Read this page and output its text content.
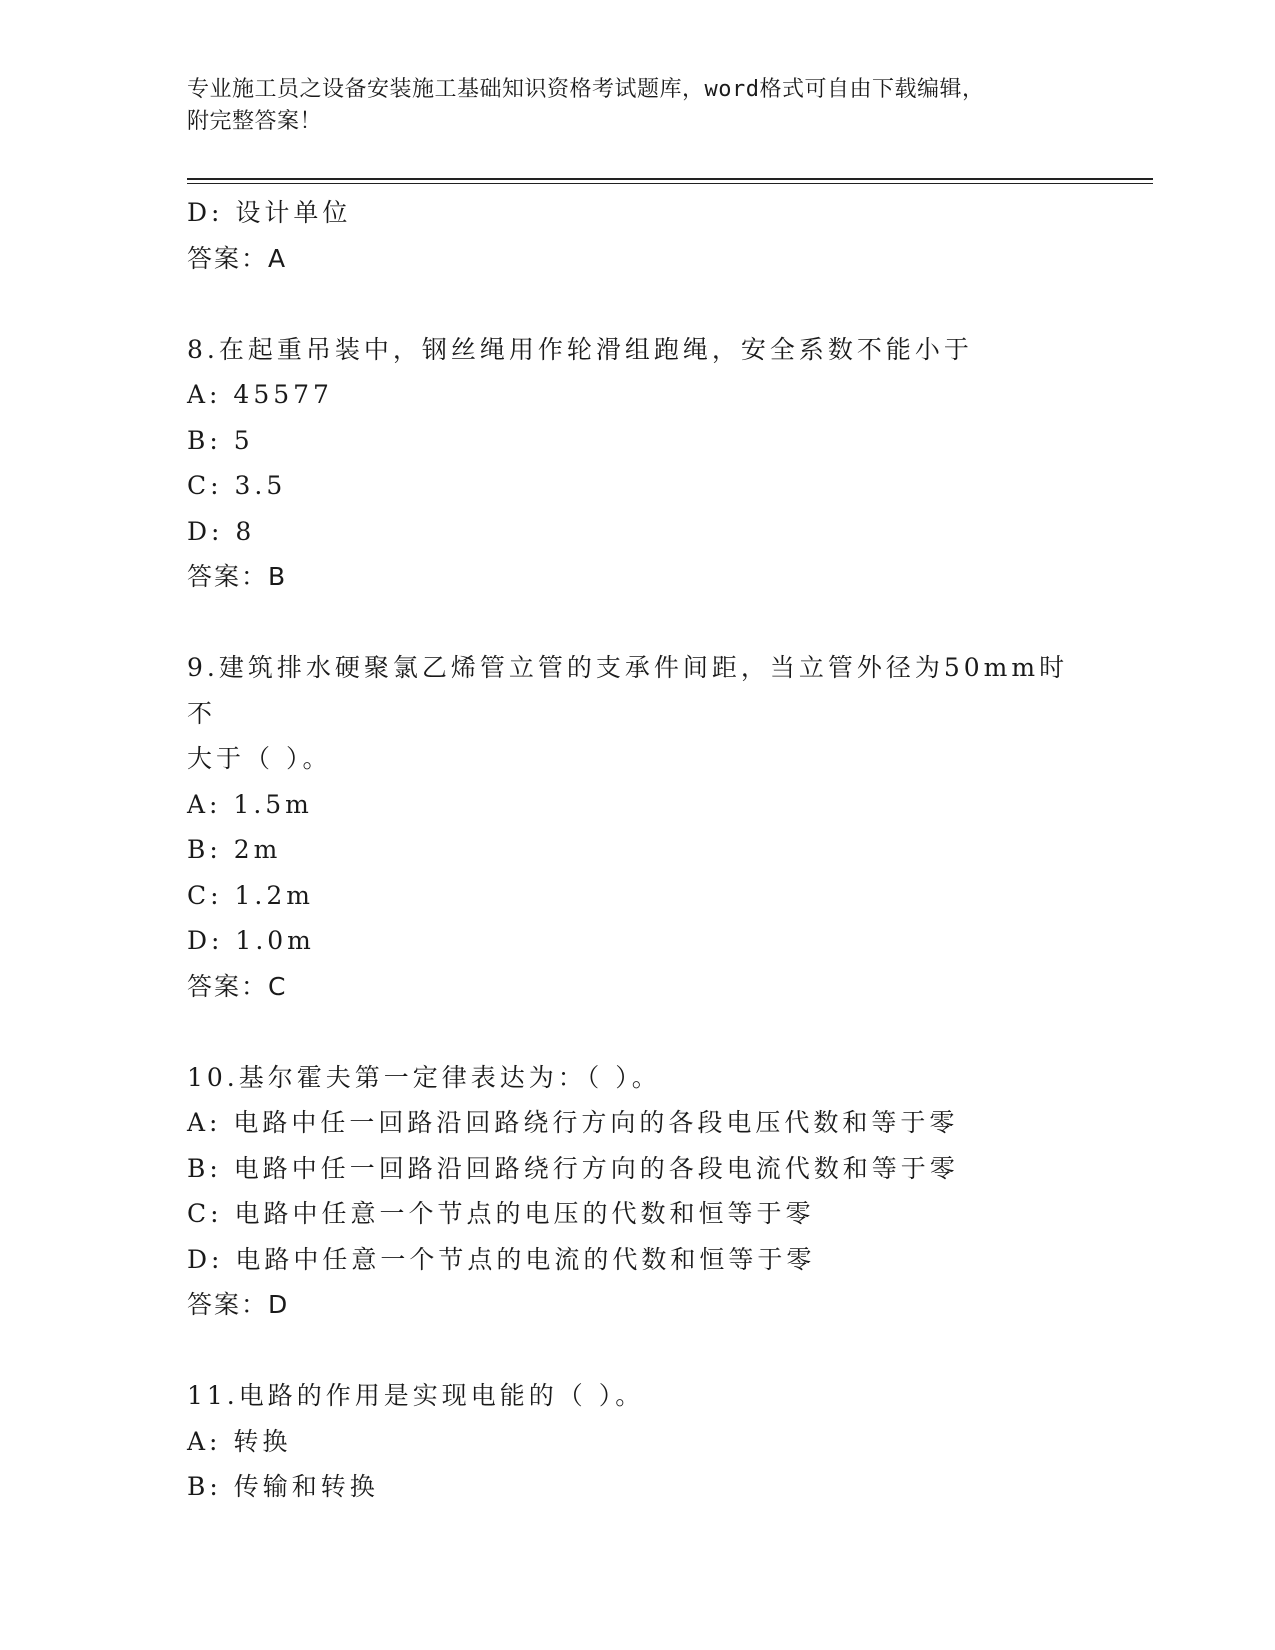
专业施工员之设备安装施工基础知识资格考试题库，word格式可自由下载编辑，
附完整答案！
D: 设计单位
答案：A
8.在起重吊装中，钢丝绳用作轮滑组跑绳，安全系数不能小于
A: 45577
B: 5
C: 3.5
D: 8
答案：B
9.建筑排水硬聚氯乙烯管立管的支承件间距，当立管外径为50mm时不
大于（ ）。
A: 1.5m
B: 2m
C: 1.2m
D: 1.0m
答案：C
10.基尔霍夫第一定律表达为：（ ）。
A: 电路中任一回路沿回路绕行方向的各段电压代数和等于零
B: 电路中任一回路沿回路绕行方向的各段电流代数和等于零
C: 电路中任意一个节点的电压的代数和恒等于零
D: 电路中任意一个节点的电流的代数和恒等于零
答案：D
11.电路的作用是实现电能的（ ）。
A: 转换
B: 传输和转换
